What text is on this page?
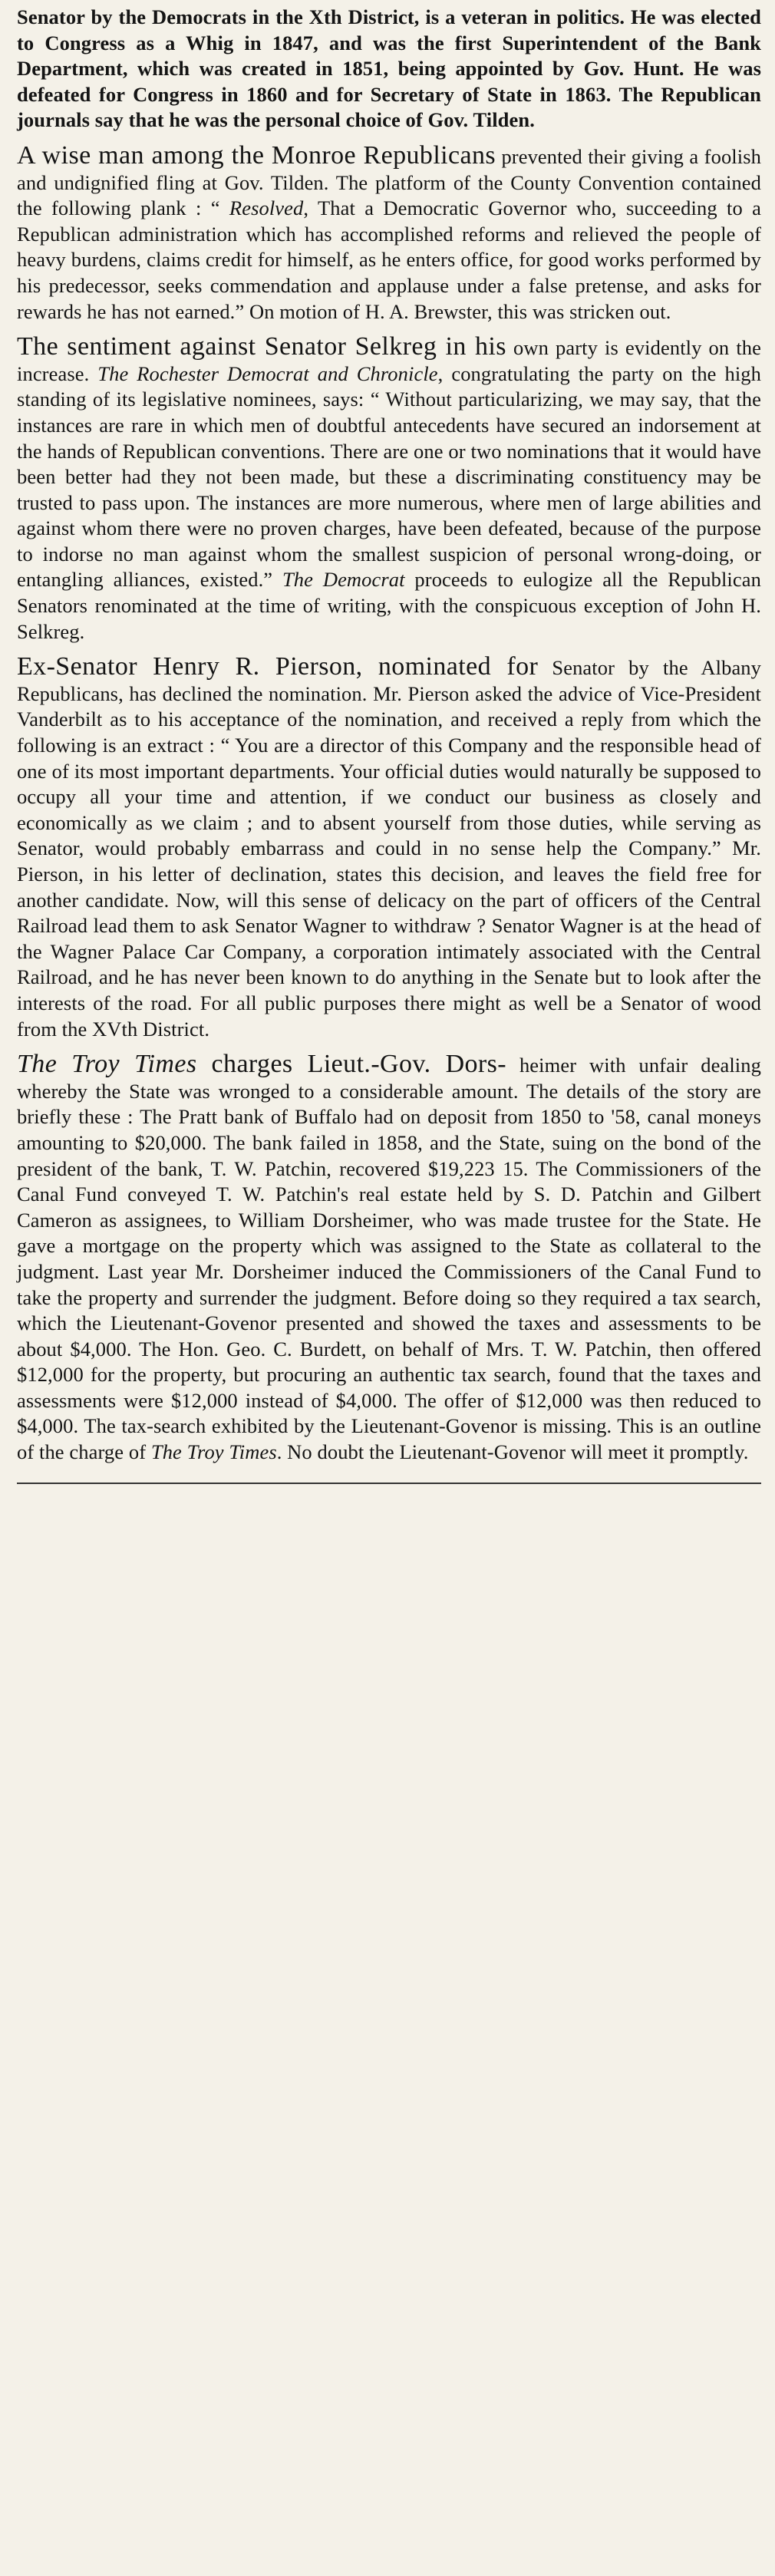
Senator by the Democrats in the Xth District, is a veteran in politics. He was elected to Congress as a Whig in 1847, and was the first Superintendent of the Bank Department, which was created in 1851, being appointed by Gov. Hunt. He was defeated for Congress in 1860 and for Secretary of State in 1863. The Republican journals say that he was the personal choice of Gov. Tilden.

A wise man among the Monroe Republicans prevented their giving a foolish and undignified fling at Gov. Tilden. The platform of the County Convention contained the following plank : “ Resolved, That a Democratic Governor who, succeeding to a Republican administration which has accomplished reforms and relieved the people of heavy burdens, claims credit for himself, as he enters office, for good works performed by his predecessor, seeks commendation and applause under a false pretense, and asks for rewards he has not earned.” On motion of H. A. Brewster, this was stricken out.

The sentiment against Senator Selkreg in his own party is evidently on the increase. The Rochester Democrat and Chronicle, congratulating the party on the high standing of its legislative nominees, says: “ Without particularizing, we may say, that the instances are rare in which men of doubtful antecedents have secured an indorsement at the hands of Republican conventions. There are one or two nominations that it would have been better had they not been made, but these a discriminating constituency may be trusted to pass upon. The instances are more numerous, where men of large abilities and against whom there were no proven charges, have been defeated, because of the purpose to indorse no man against whom the smallest suspicion of personal wrong-doing, or entangling alliances, existed.” The Democrat proceeds to eulogize all the Republican Senators renominated at the time of writing, with the conspicuous exception of John H. Selkreg.

Ex-Senator Henry R. Pierson, nominated for Senator by the Albany Republicans, has declined the nomination. Mr. Pierson asked the advice of Vice-President Vanderbilt as to his acceptance of the nomination, and received a reply from which the following is an extract : “ You are a director of this Company and the responsible head of one of its most important departments. Your official duties would naturally be supposed to occupy all your time and attention, if we conduct our business as closely and economically as we claim ; and to absent yourself from those duties, while serving as Senator, would probably embarrass and could in no sense help the Company.” Mr. Pierson, in his letter of declination, states this decision, and leaves the field free for another candidate. Now, will this sense of delicacy on the part of officers of the Central Railroad lead them to ask Senator Wagner to withdraw ? Senator Wagner is at the head of the Wagner Palace Car Company, a corporation intimately associated with the Central Railroad, and he has never been known to do anything in the Senate but to look after the interests of the road. For all public purposes there might as well be a Senator of wood from the XVth District.

The Troy Times charges Lieut.-Gov. Dors- heimer with unfair dealing whereby the State was wronged to a considerable amount. The details of the story are briefly these : The Pratt bank of Buffalo had on deposit from 1850 to '58, canal moneys amounting to $20,000. The bank failed in 1858, and the State, suing on the bond of the president of the bank, T. W. Patchin, recovered $19,223 15. The Commissioners of the Canal Fund conveyed T. W. Patchin's real estate held by S. D. Patchin and Gilbert Cameron as assignees, to William Dorsheimer, who was made trustee for the State. He gave a mortgage on the property which was assigned to the State as collateral to the judgment. Last year Mr. Dorsheimer induced the Commissioners of the Canal Fund to take the property and surrender the judgment. Before doing so they required a tax search, which the Lieutenant-Govenor presented and showed the taxes and assessments to be about $4,000. The Hon. Geo. C. Burdett, on behalf of Mrs. T. W. Patchin, then offered $12,000 for the property, but procuring an authentic tax search, found that the taxes and assessments were $12,000 instead of $4,000. The offer of $12,000 was then reduced to $4,000. The tax-search exhibited by the Lieutenant-Govenor is missing. This is an outline of the charge of The Troy Times. No doubt the Lieutenant-Govenor will meet it promptly.
